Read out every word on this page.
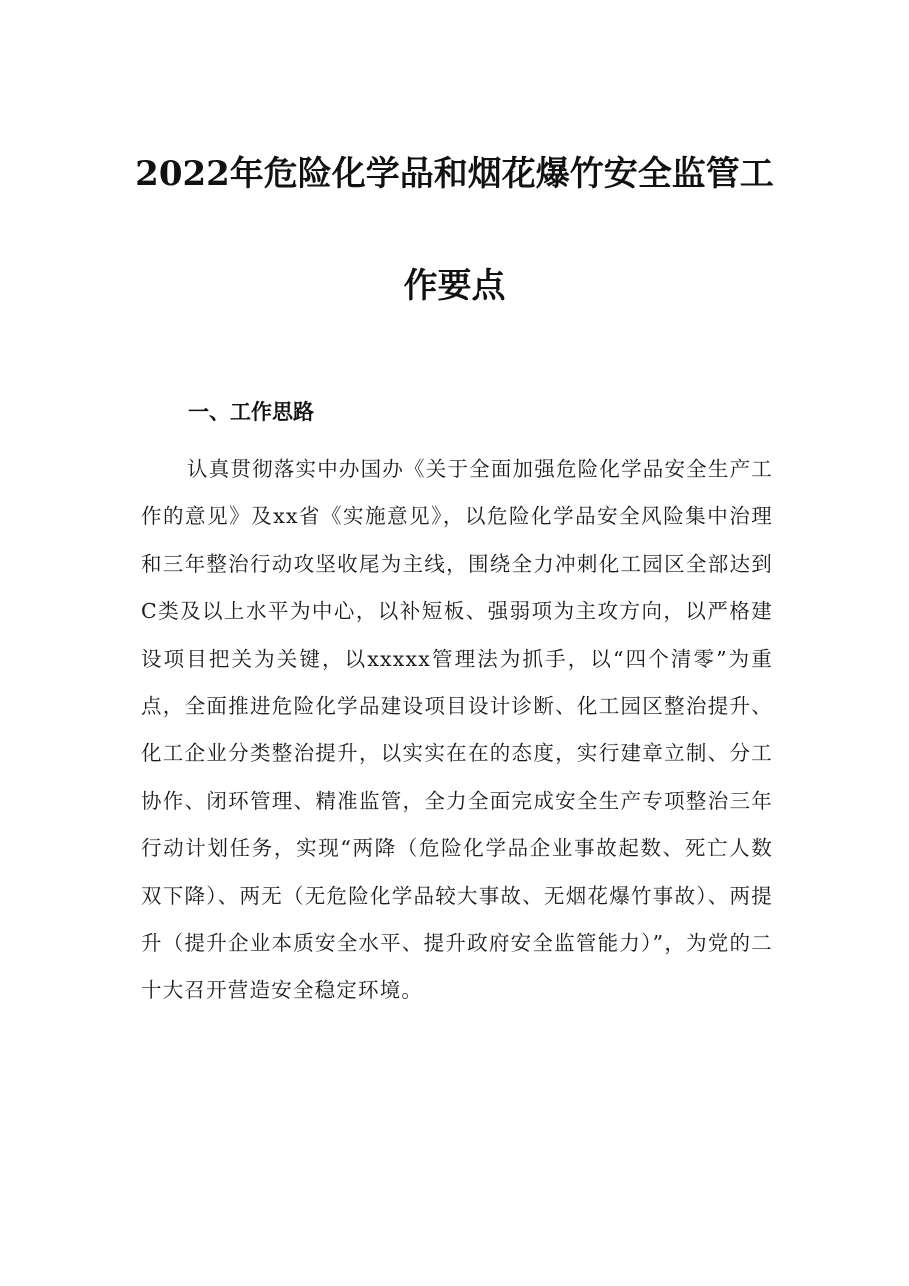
2022年危险化学品和烟花爆竹安全监管工
作要点
一、工作思路
认真贯彻落实中办国办《关于全面加强危险化学品安全生产工作的意见》及xx省《实施意见》，以危险化学品安全风险集中治理和三年整治行动攻坚收尾为主线，围绕全力冲刺化工园区全部达到C类及以上水平为中心，以补短板、强弱项为主攻方向，以严格建设项目把关为关键，以xxxxx管理法为抓手，以“四个清零”为重点，全面推进危险化学品建设项目设计诊断、化工园区整治提升、化工企业分类整治提升，以实实在在的态度，实行建章立制、分工协作、闭环管理、精准监管，全力全面完成安全生产专项整治三年行动计划任务，实现“两降（危险化学品企业事故起数、死亡人数双下降）、两无（无危险化学品较大事故、无烟花爆竹事故）、两提升（提升企业本质安全水平、提升政府安全监管能力）”，为党的二十大召开营造安全稳定环境。
